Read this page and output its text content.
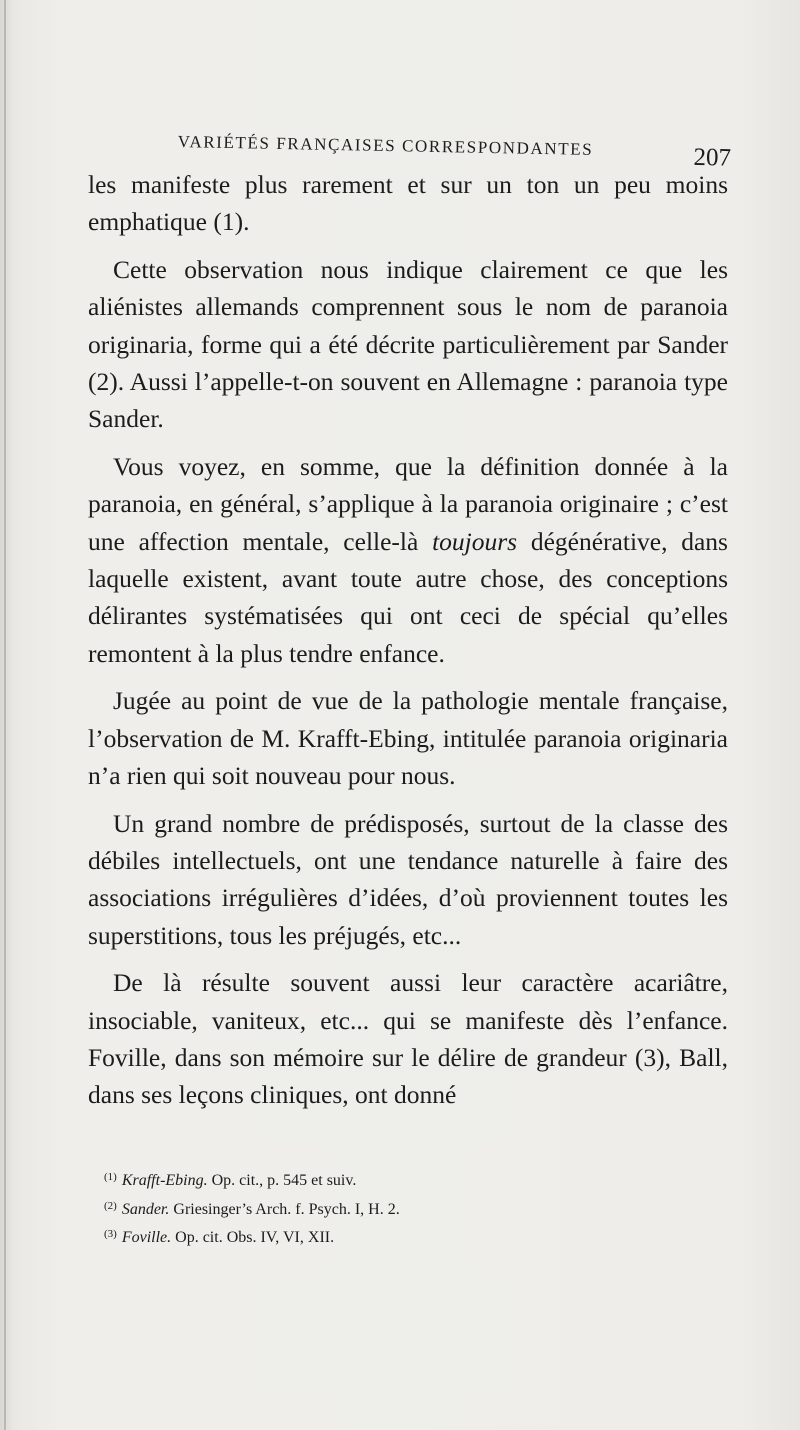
VARIÉTÉS FRANÇAISES CORRESPONDANTES	207

les manifeste plus rarement et sur un ton un peu moins emphatique (1).

Cette observation nous indique clairement ce que les aliénistes allemands comprennent sous le nom de paranoia originaria, forme qui a été décrite particulièrement par Sander (2). Aussi l’appelle-t-on souvent en Allemagne : paranoia type Sander.

Vous voyez, en somme, que la définition donnée à la paranoia, en général, s’applique à la paranoia originaire ; c’est une affection mentale, celle-là toujours dégénérative, dans laquelle existent, avant toute autre chose, des conceptions délirantes systématisées qui ont ceci de spécial qu’elles remontent à la plus tendre enfance.

Jugée au point de vue de la pathologie mentale française, l’observation de M. Krafft-Ebing, intitulée paranoia originaria n’a rien qui soit nouveau pour nous.

Un grand nombre de prédisposés, surtout de la classe des débiles intellectuels, ont une tendance naturelle à faire des associations irrégulières d’idées, d’où proviennent toutes les superstitions, tous les préjugés, etc...

De là résulte souvent aussi leur caractère acariâtre, insociable, vaniteux, etc... qui se manifeste dès l’enfance. Foville, dans son mémoire sur le délire de grandeur (3), Ball, dans ses leçons cliniques, ont donné

$^{(1)}$ Krafft-Ebing. Op. cit., p. 545 et suiv.
$^{(2)}$ Sander. Griesinger’s Arch. f. Psych. I, H. 2.
$^{(3)}$ Foville. Op. cit. Obs. IV, VI, XII.
